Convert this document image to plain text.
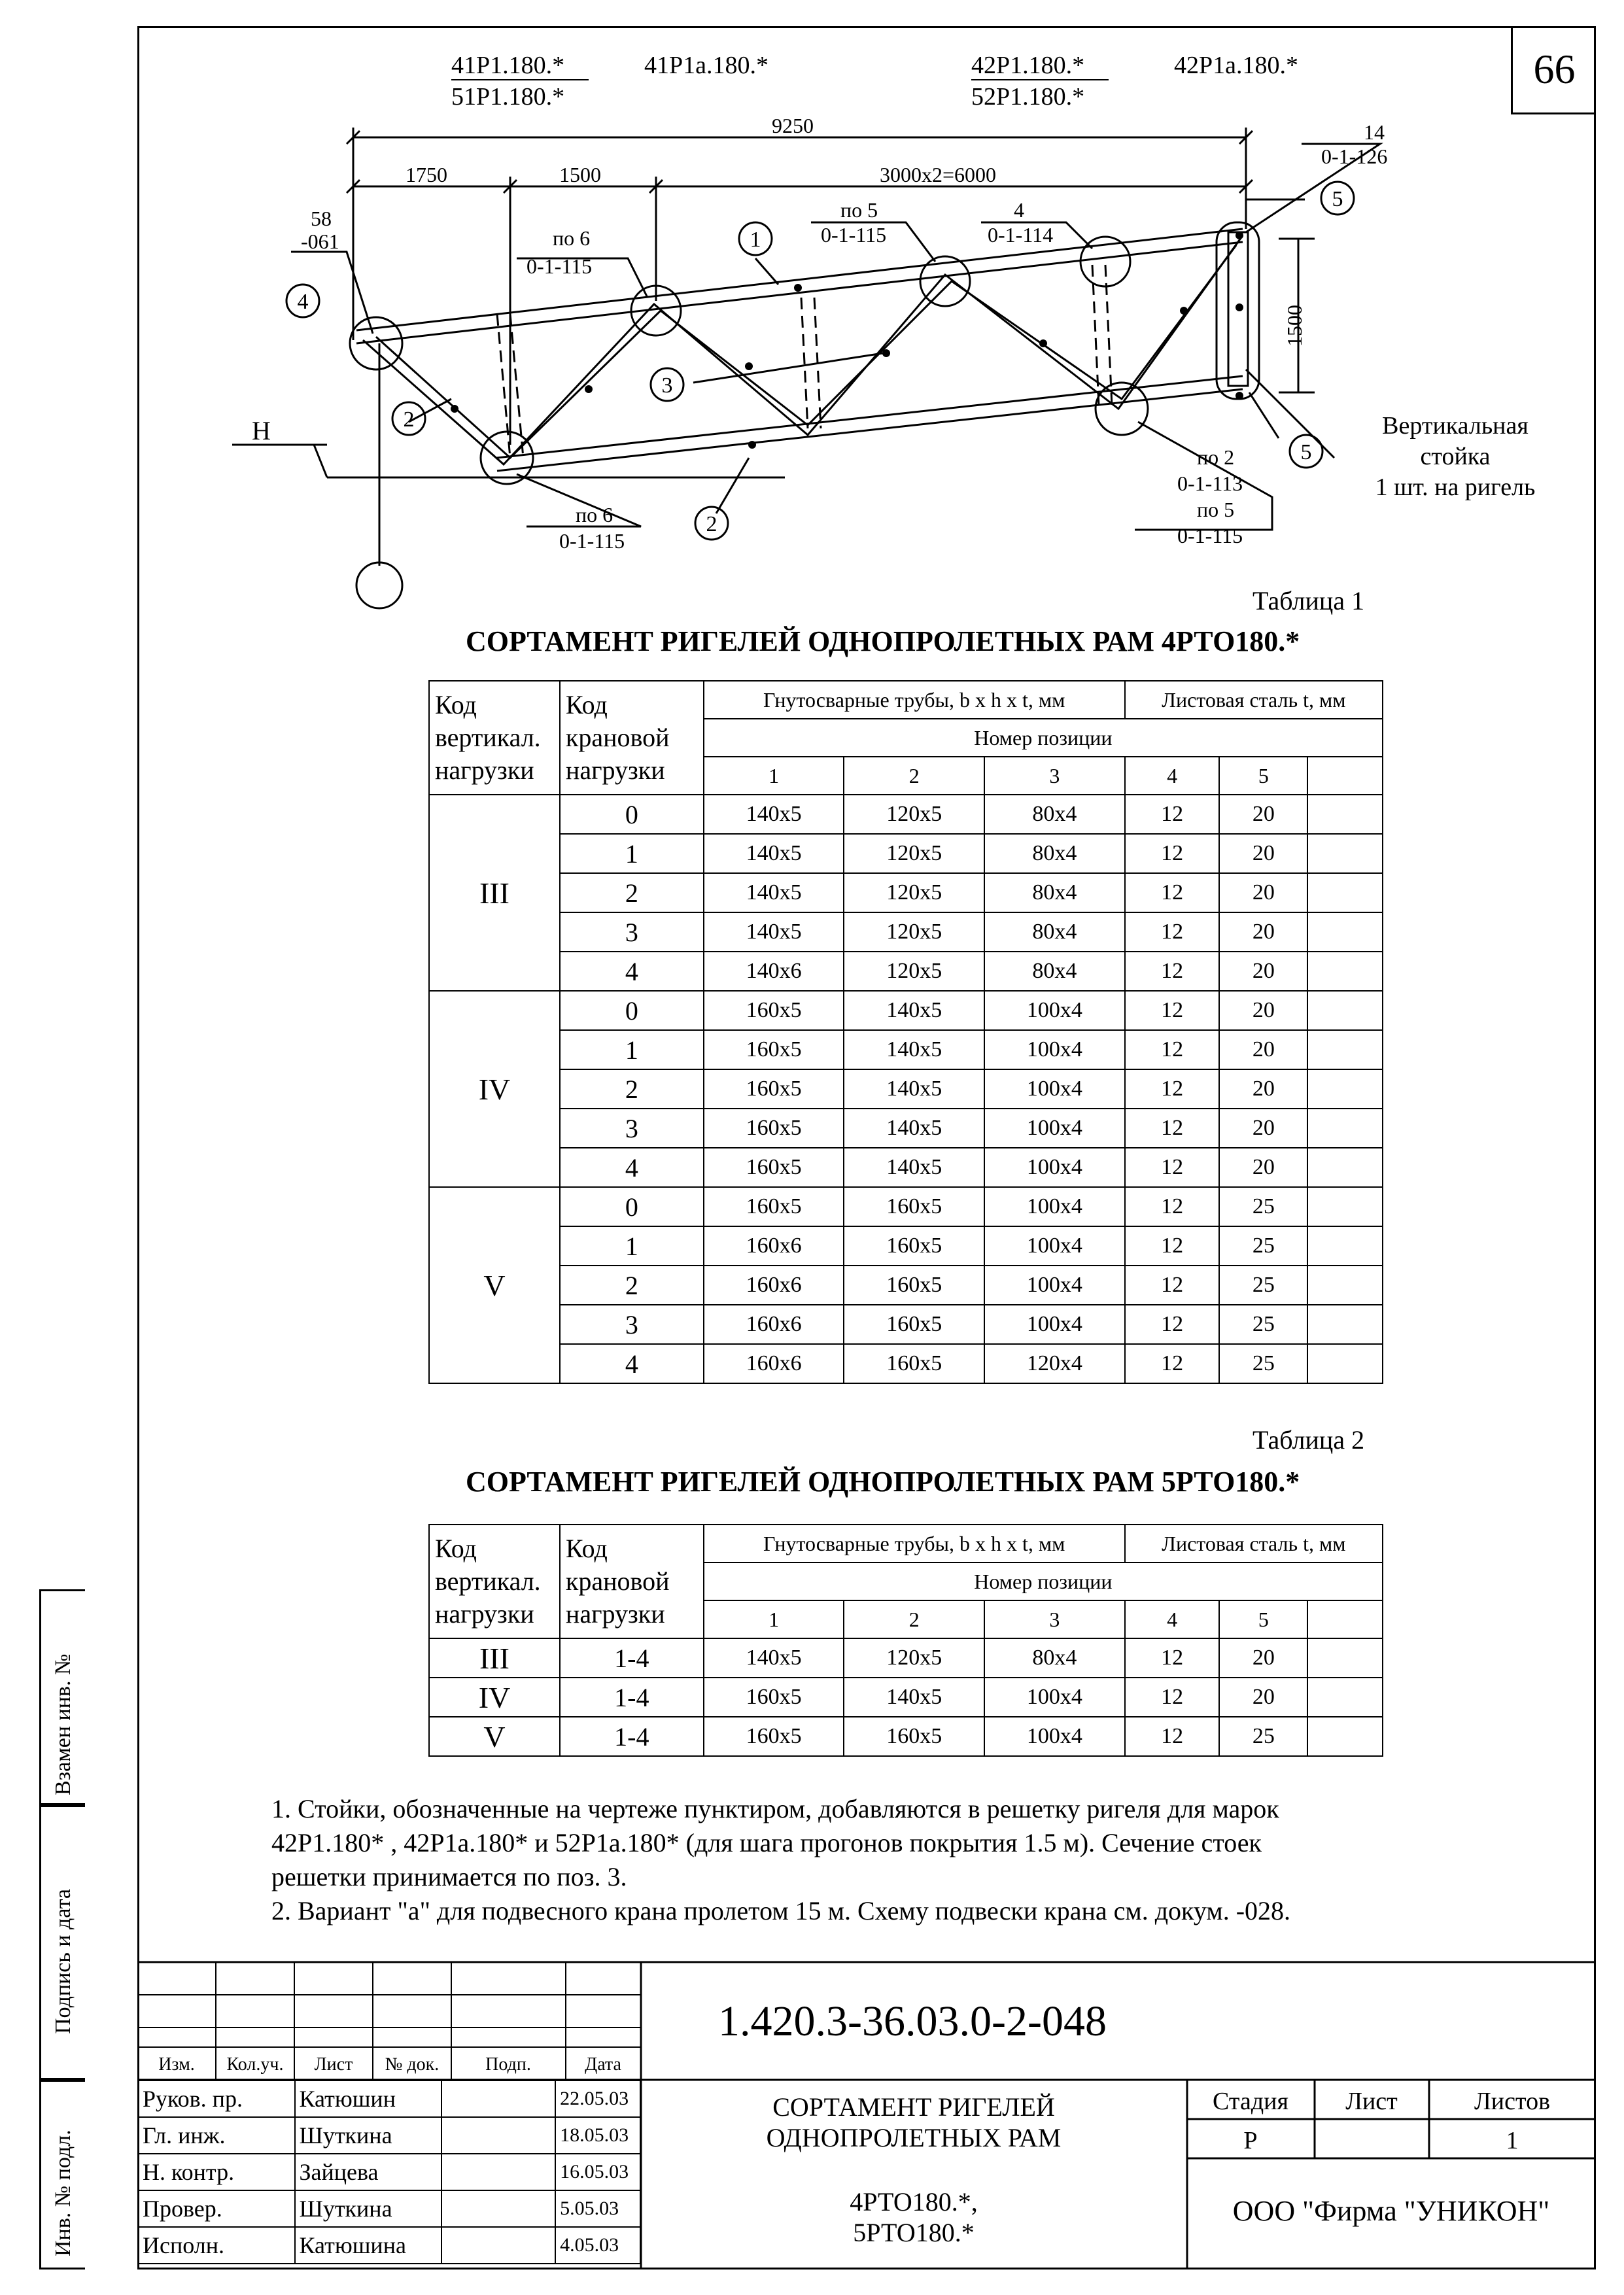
66
Взамен инв. №
Подпись и дата
Инв. № подл.
41Р1.180.*
51Р1.180.*
41Р1а.180.*	42Р1.180.*
52Р1.180.*
42Р1а.180.*
9250
1750	1500	3000х2=6000
1500
58
-061	по 6
0-1-115
по 5
0-1-115
4
0-1-114
14
0-1-126
по 6
0-1-115
по 2
0-1-113
по 5
0-1-115
1
2
2
3
4
5
5
Н	Вертикальная
стойка
1 шт. на ригель
Таблица 1
СОРТАМЕНТ РИГЕЛЕЙ ОДНОПРОЛЕТНЫХ РАМ 4РТО180.*
Код
вертикал.
нагрузки	Код
крановой
нагрузки	Гнутосварные трубы, b x h x t, мм			Листовая сталь t, мм		
		Номер позиции					
		1	2	3	4	5	
III	0	140х5	120х5	80х4	12	20	
	1	140х5	120х5	80х4	12	20	
	2	140х5	120х5	80х4	12	20	
	3	140х5	120х5	80х4	12	20	
	4	140х6	120х5	80х4	12	20	
IV	0	160х5	140х5	100х4	12	20	
	1	160х5	140х5	100х4	12	20	
	2	160х5	140х5	100х4	12	20	
	3	160х5	140х5	100х4	12	20	
	4	160х5	140х5	100х4	12	20	
V	0	160х5	160х5	100х4	12	25	
	1	160х6	160х5	100х4	12	25	
	2	160х6	160х5	100х4	12	25	
	3	160х6	160х5	100х4	12	25	
	4	160х6	160х5	120х4	12	25	
Таблица 2
СОРТАМЕНТ РИГЕЛЕЙ ОДНОПРОЛЕТНЫХ РАМ 5РТО180.*
Код
вертикал.
нагрузки	Код
крановой
нагрузки	Гнутосварные трубы, b x h x t, мм			Листовая сталь t, мм		
		Номер позиции					
		1	2	3	4	5	
III	1-4	140х5	120х5	80х4	12	20	
IV	1-4	160х5	140х5	100х4	12	20	
V	1-4	160х5	160х5	100х4	12	25	
1. Стойки, обозначенные на чертеже пунктиром, добавляются в решетку ригеля для марок
42Р1.180* , 42Р1а.180* и 52Р1а.180* (для шага прогонов покрытия 1.5 м). Сечение стоек
решетки принимается по поз. 3.
2. Вариант "а" для подвесного крана пролетом 15 м. Схему подвески крана см. докум. -028.
Изм. Кол.уч. Лист № док.	Подп.	Дата
1.420.3-36.03.0-2-048
СОРТАМЕНТ РИГЕЛЕЙ
ОДНОПРОЛЕТНЫХ РАМ
4РТО180.*,
5РТО180.*
Стадия Лист	Листов
Р	1
ООО "Фирма "УНИКОН"
Руков. пр.	Катюшин		22.05.03
Гл. инж.	Шуткина		18.05.03
Н. контр.	Зайцева		16.05.03
Провер.	Шуткина		5.05.03
Исполн.	Катюшина		4.05.03
